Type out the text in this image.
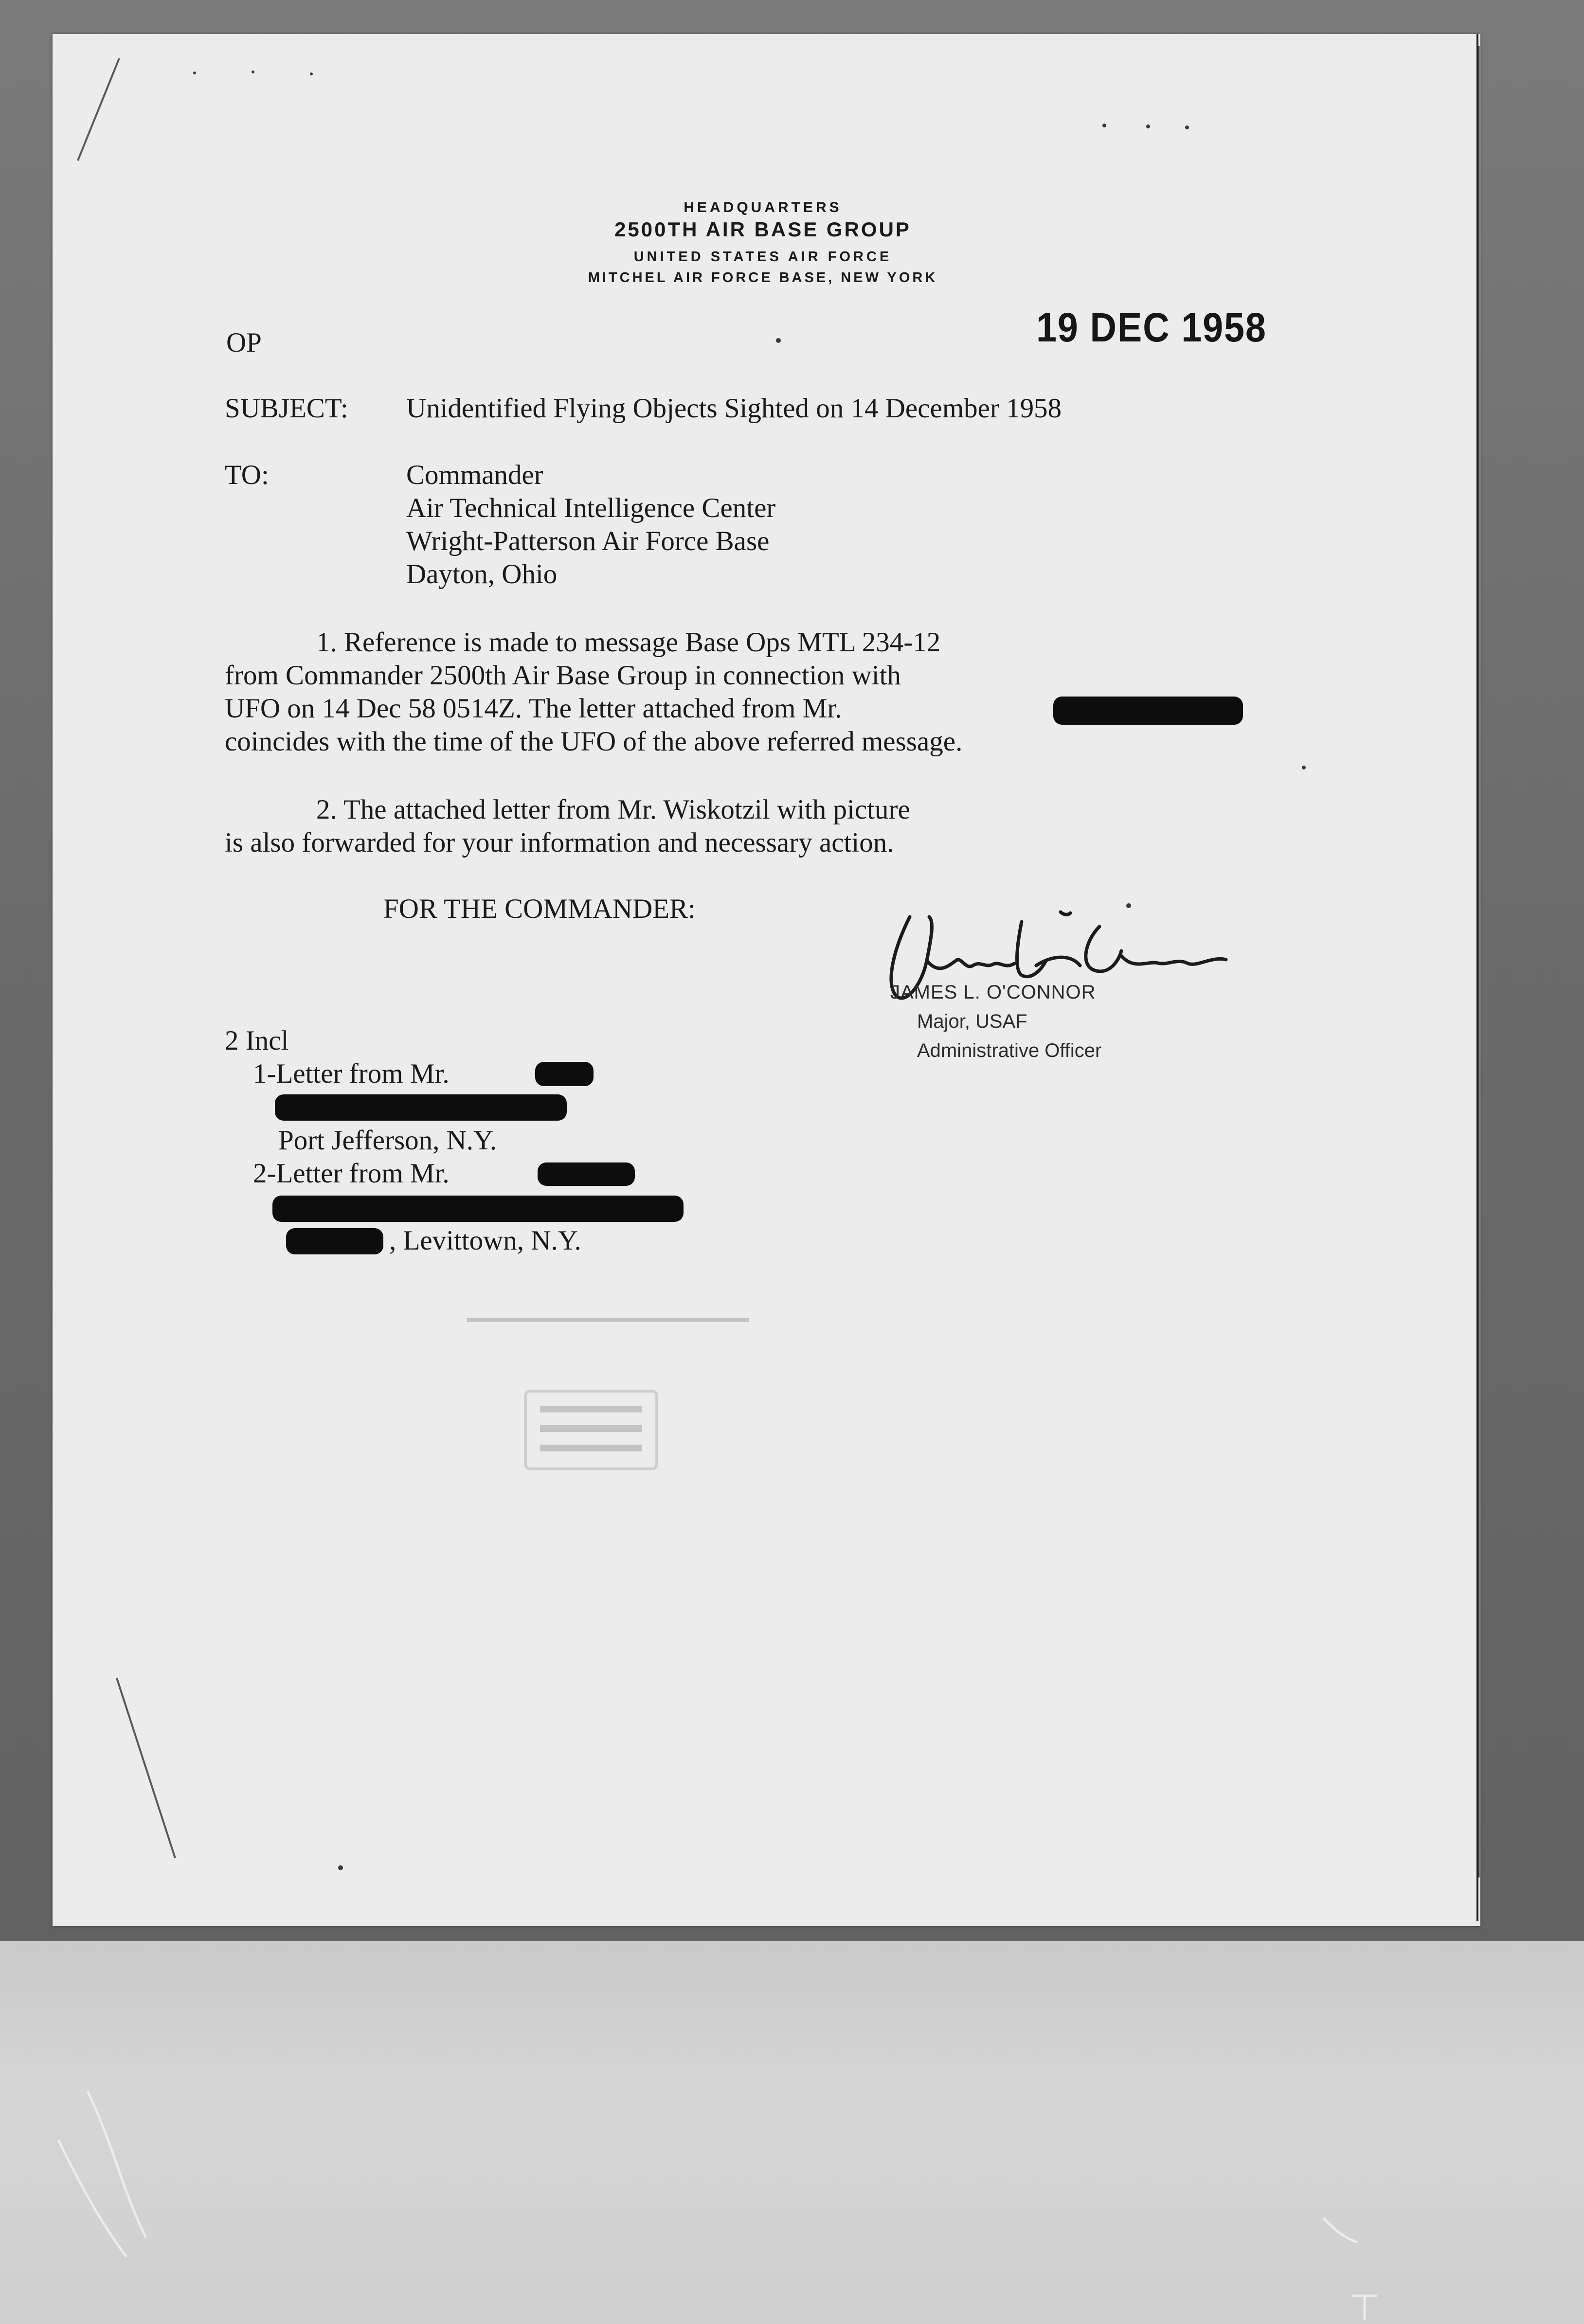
HEADQUARTERS
2500TH AIR BASE GROUP
UNITED STATES AIR FORCE
MITCHEL AIR FORCE BASE, NEW YORK
OP	19 DEC 1958
SUBJECT: Unidentified Flying Objects Sighted on 14 December 1958
TO:	Commander
Air Technical Intelligence Center
Wright-Patterson Air Force Base
Dayton, Ohio
1. Reference is made to message Base Ops MTL 234-12
from Commander 2500th Air Base Group in connection with
UFO on 14 Dec 58 0514Z. The letter attached from Mr.
coincides with the time of the UFO of the above referred message.
2. The attached letter from Mr. Wiskotzil with picture
is also forwarded for your information and necessary action.
FOR THE COMMANDER:
JAMES L. O'CONNOR
Major, USAF
Administrative Officer
2 Incl
1-Letter from Mr.
Port Jefferson, N.Y.
2-Letter from Mr.
, Levittown, N.Y.
